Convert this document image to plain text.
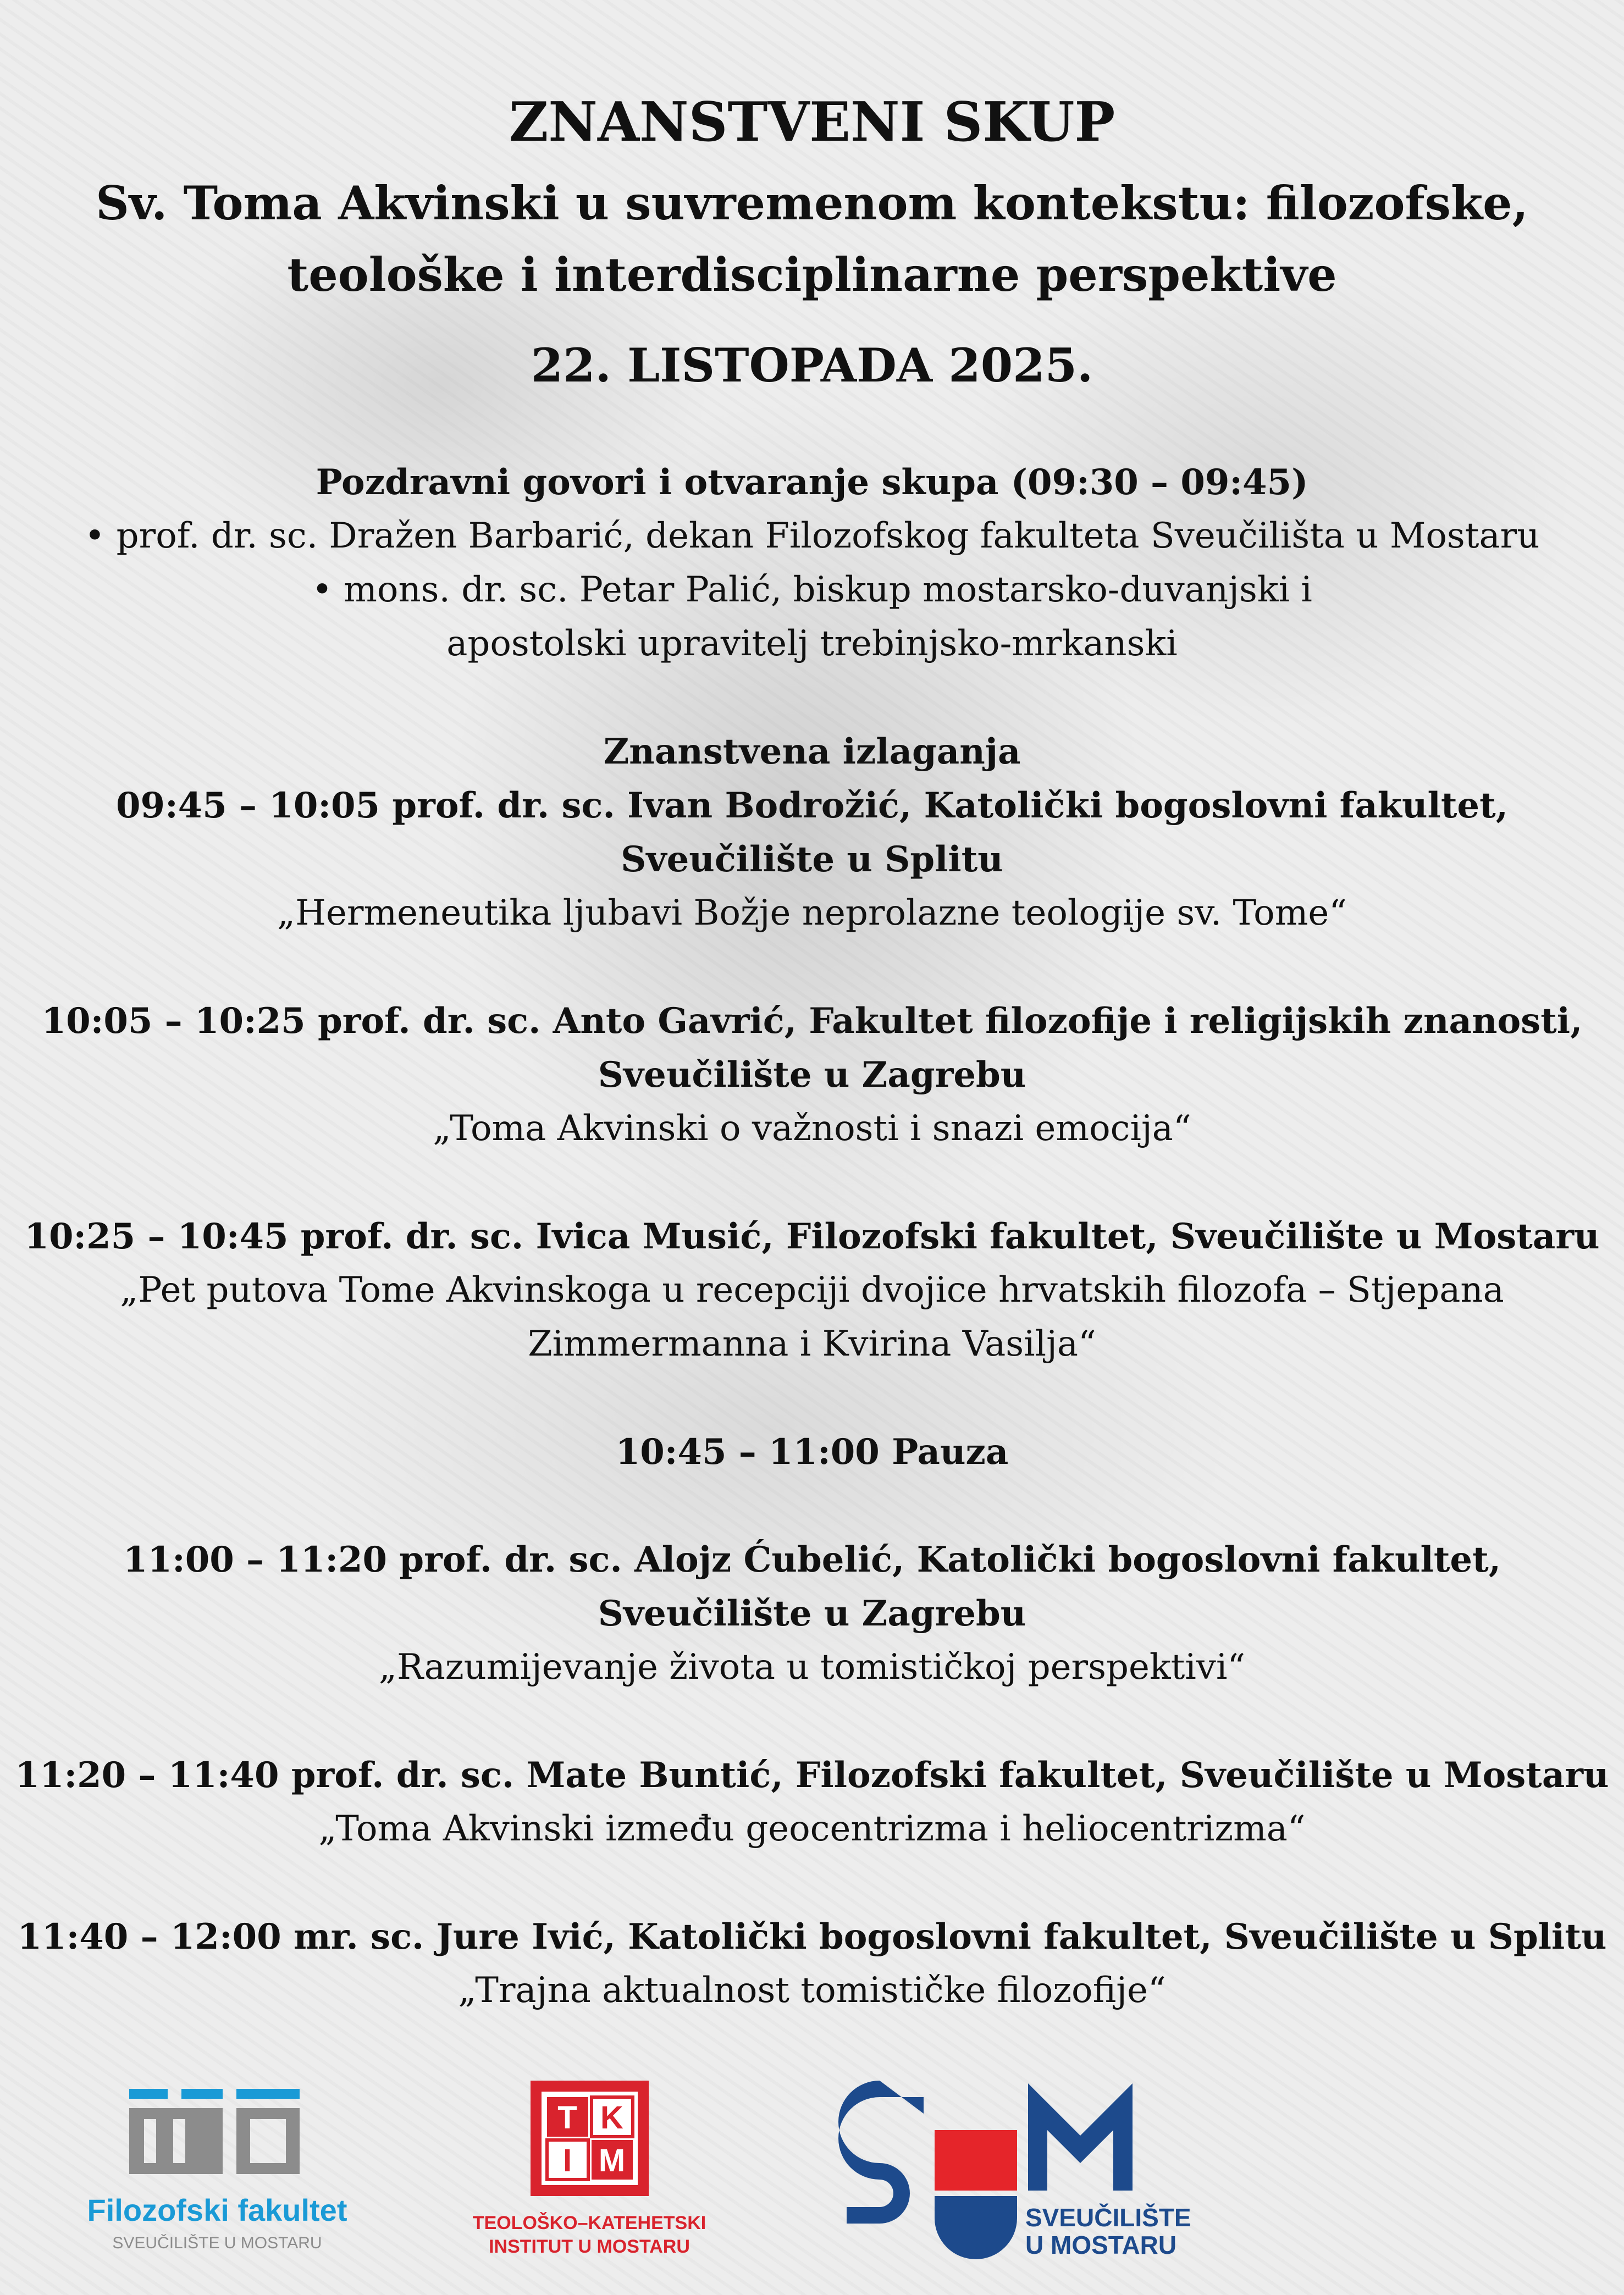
ZNANSTVENI SKUP
Sv. Toma Akvinski u suvremenom kontekstu: filozofske,
teološke i interdisciplinarne perspektive
22. LISTOPADA 2025.
Pozdravni govori i otvaranje skupa (09:30 – 09:45)
• prof. dr. sc. Dražen Barbarić, dekan Filozofskog fakulteta Sveučilišta u Mostaru
• mons. dr. sc. Petar Palić, biskup mostarsko-duvanjski i
apostolski upravitelj trebinjsko-mrkanski
Znanstvena izlaganja
09:45 – 10:05 prof. dr. sc. Ivan Bodrožić, Katolički bogoslovni fakultet,
Sveučilište u Splitu
„Hermeneutika ljubavi Božje neprolazne teologije sv. Tome“
10:05 – 10:25 prof. dr. sc. Anto Gavrić, Fakultet filozofije i religijskih znanosti,
Sveučilište u Zagrebu
„Toma Akvinski o važnosti i snazi emocija“
10:25 – 10:45 prof. dr. sc. Ivica Musić, Filozofski fakultet, Sveučilište u Mostaru
„Pet putova Tome Akvinskoga u recepciji dvojice hrvatskih filozofa – Stjepana
Zimmermanna i Kvirina Vasilja“
10:45 – 11:00 Pauza
11:00 – 11:20 prof. dr. sc. Alojz Ćubelić, Katolički bogoslovni fakultet,
Sveučilište u Zagrebu
„Razumijevanje života u tomističkoj perspektivi“
11:20 – 11:40 prof. dr. sc. Mate Buntić, Filozofski fakultet, Sveučilište u Mostaru
„Toma Akvinski između geocentrizma i heliocentrizma“
11:40 – 12:00 mr. sc. Jure Ivić, Katolički bogoslovni fakultet, Sveučilište u Splitu
„Trajna aktualnost tomističke filozofije“
Filozofski fakultet
SVEUČILIŠTE U MOSTARU
T K
I M
TEOLOŠKO–KATEHETSKI
INSTITUT U MOSTARU
SVEUČILIŠTE
U MOSTARU
